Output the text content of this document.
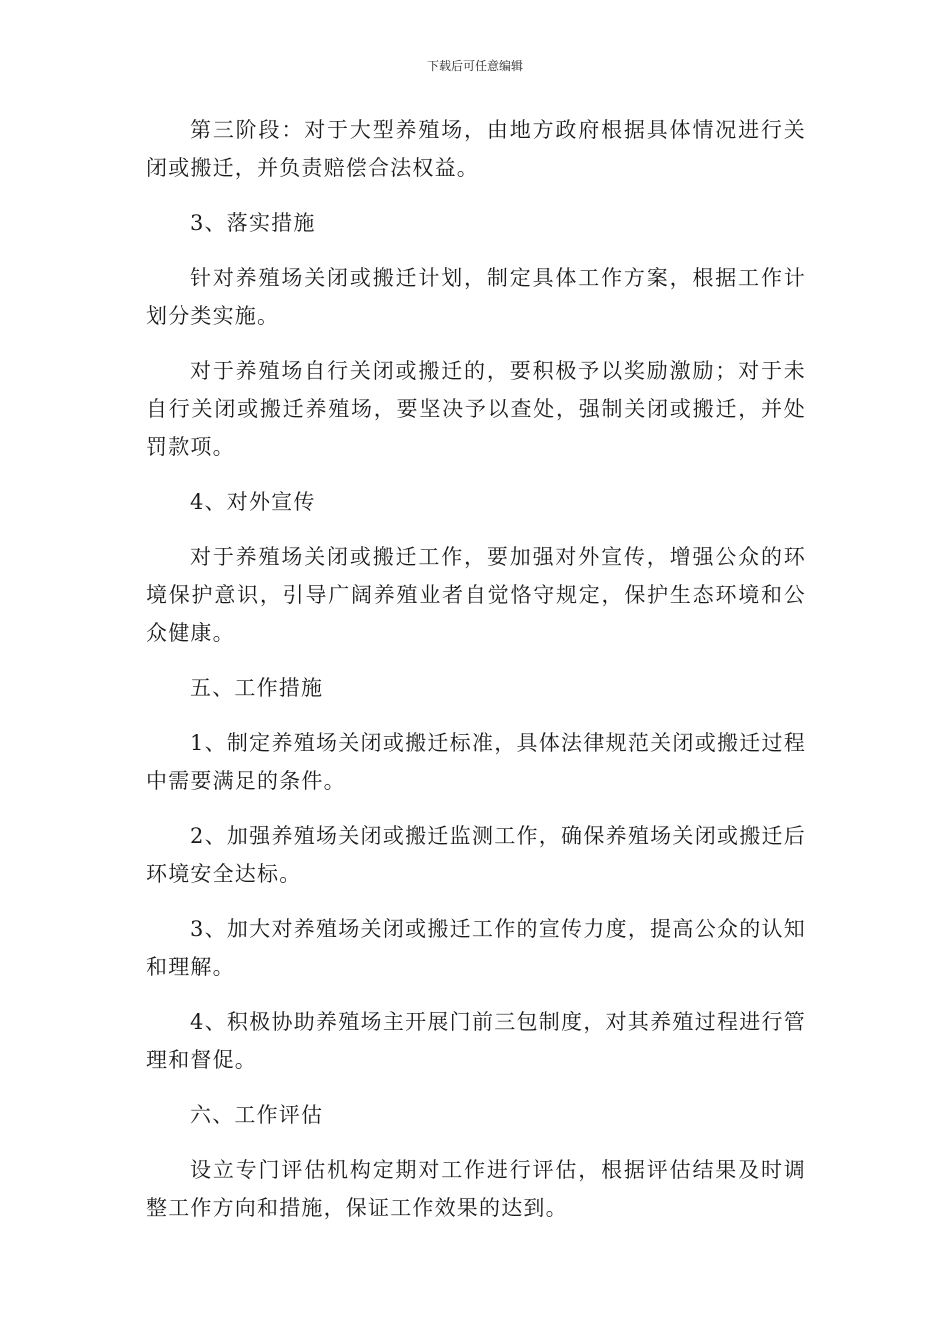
下载后可任意编辑

第三阶段：对于大型养殖场，由地方政府根据具体情况进行关闭或搬迁，并负责赔偿合法权益。

3、落实措施

针对养殖场关闭或搬迁计划，制定具体工作方案，根据工作计划分类实施。

对于养殖场自行关闭或搬迁的，要积极予以奖励激励；对于未自行关闭或搬迁养殖场，要坚决予以查处，强制关闭或搬迁，并处罚款项。

4、对外宣传

对于养殖场关闭或搬迁工作，要加强对外宣传，增强公众的环境保护意识，引导广阔养殖业者自觉恪守规定，保护生态环境和公众健康。

五、工作措施

1、制定养殖场关闭或搬迁标准，具体法律规范关闭或搬迁过程中需要满足的条件。

2、加强养殖场关闭或搬迁监测工作，确保养殖场关闭或搬迁后环境安全达标。

3、加大对养殖场关闭或搬迁工作的宣传力度，提高公众的认知和理解。

4、积极协助养殖场主开展门前三包制度，对其养殖过程进行管理和督促。

六、工作评估

设立专门评估机构定期对工作进行评估，根据评估结果及时调整工作方向和措施，保证工作效果的达到。
